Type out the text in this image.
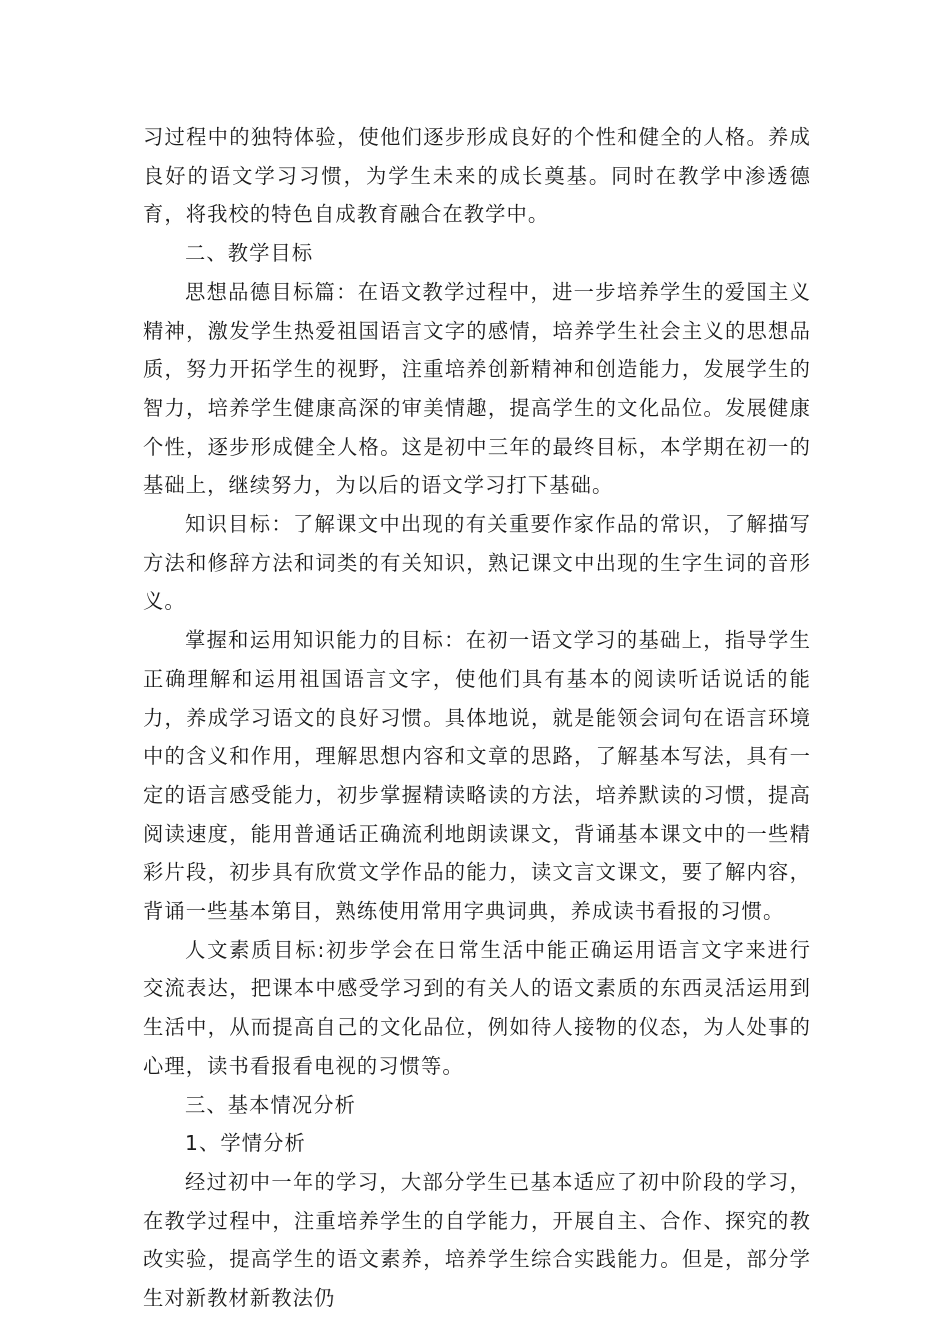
习过程中的独特体验，使他们逐步形成良好的个性和健全的人格。养成良好的语文学习习惯，为学生未来的成长奠基。同时在教学中渗透德育，将我校的特色自成教育融合在教学中。

二、教学目标

思想品德目标篇：在语文教学过程中，进一步培养学生的爱国主义精神，激发学生热爱祖国语言文字的感情，培养学生社会主义的思想品质，努力开拓学生的视野，注重培养创新精神和创造能力，发展学生的智力，培养学生健康高深的审美情趣，提高学生的文化品位。发展健康个性，逐步形成健全人格。这是初中三年的最终目标，本学期在初一的基础上，继续努力，为以后的语文学习打下基础。

知识目标：了解课文中出现的有关重要作家作品的常识，了解描写方法和修辞方法和词类的有关知识，熟记课文中出现的生字生词的音形义。

掌握和运用知识能力的目标：在初一语文学习的基础上，指导学生正确理解和运用祖国语言文字，使他们具有基本的阅读听话说话的能力，养成学习语文的良好习惯。具体地说，就是能领会词句在语言环境中的含义和作用，理解思想内容和文章的思路，了解基本写法，具有一定的语言感受能力，初步掌握精读略读的方法，培养默读的习惯，提高阅读速度，能用普通话正确流利地朗读课文，背诵基本课文中的一些精彩片段，初步具有欣赏文学作品的能力，读文言文课文，要了解内容，背诵一些基本第目，熟练使用常用字典词典，养成读书看报的习惯。

人文素质目标:初步学会在日常生活中能正确运用语言文字来进行交流表达，把课本中感受学习到的有关人的语文素质的东西灵活运用到生活中，从而提高自己的文化品位，例如待人接物的仪态，为人处事的心理，读书看报看电视的习惯等。

三、基本情况分析

1、学情分析

经过初中一年的学习，大部分学生已基本适应了初中阶段的学习，在教学过程中，注重培养学生的自学能力，开展自主、合作、探究的教改实验，提高学生的语文素养，培养学生综合实践能力。但是，部分学生对新教材新教法仍
